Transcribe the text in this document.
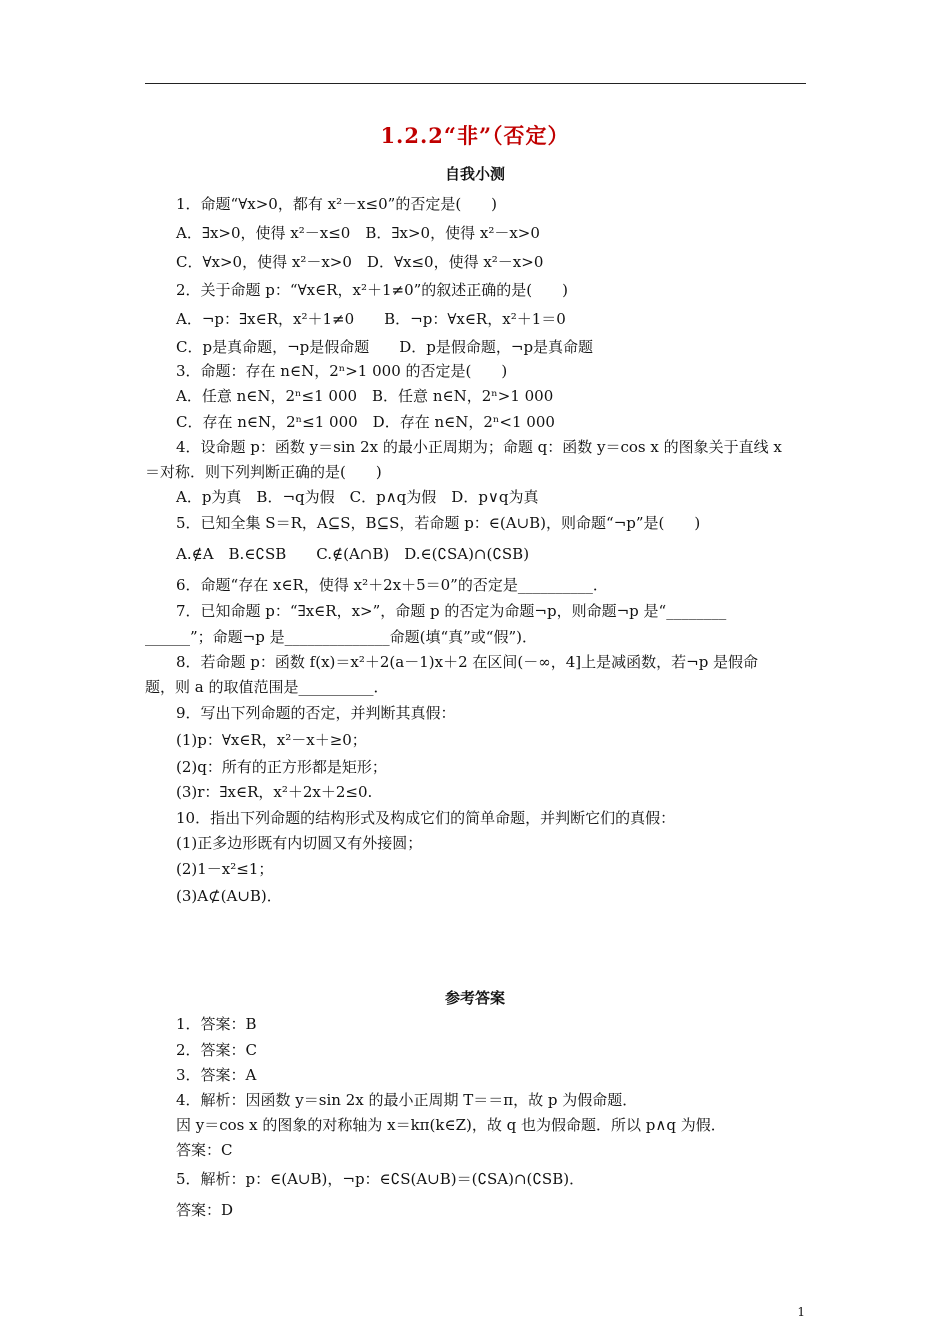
1.2.2“非”（否定）
自我小测
1．命题“∀x>0，都有 x²－x≤0”的否定是(　　)
A．∃x>0，使得 x²－x≤0　B．∃x>0，使得 x²－x>0
C．∀x>0，使得 x²－x>0　D．∀x≤0，使得 x²－x>0
2．关于命题 p：“∀x∈R，x²＋1≠0”的叙述正确的是(　　)
A．¬p：∃x∈R，x²＋1≠0　　B．¬p：∀x∈R，x²＋1＝0
C．p是真命题，¬p是假命题　　D．p是假命题，¬p是真命题
3．命题：存在 n∈N，2ⁿ>1 000 的否定是(　　)
A．任意 n∈N，2ⁿ≤1 000　B．任意 n∈N，2ⁿ>1 000
C．存在 n∈N，2ⁿ≤1 000　D．存在 n∈N，2ⁿ<1 000
4．设命题 p：函数 y＝sin 2x 的最小正周期为；命题 q：函数 y＝cos x 的图象关于直线 x
＝对称．则下列判断正确的是(　　)
A．p为真　B．¬q为假　C．p∧q为假　D．p∨q为真
5．已知全集 S＝R，A⊆S，B⊆S，若命题 p：∈(A∪B)，则命题“¬p”是(　　)
A.∉A　B.∈∁SB　　C.∉(A∩B)　D.∈(∁SA)∩(∁SB)
6．命题“存在 x∈R，使得 x²＋2x＋5＝0”的否定是__________．
7．已知命题 p：“∃x∈R，x>”，命题 p 的否定为命题¬p，则命题¬p 是“________
______”；命题¬p 是______________命题(填“真”或“假”)．
8．若命题 p：函数 f(x)＝x²＋2(a－1)x＋2 在区间(－∞，4]上是减函数，若¬p 是假命
题，则 a 的取值范围是__________．
9．写出下列命题的否定，并判断其真假：
(1)p：∀x∈R，x²－x＋≥0；
(2)q：所有的正方形都是矩形；
(3)r：∃x∈R，x²＋2x＋2≤0.
10．指出下列命题的结构形式及构成它们的简单命题，并判断它们的真假：
(1)正多边形既有内切圆又有外接圆；
(2)1－x²≤1；
(3)A⊄(A∪B)．
参考答案
1．答案：B
2．答案：C
3．答案：A
4．解析：因函数 y＝sin 2x 的最小正周期 T＝＝π，故 p 为假命题．
因 y＝cos x 的图象的对称轴为 x＝kπ(k∈Z)，故 q 也为假命题．所以 p∧q 为假．
答案：C
5．解析：p：∈(A∪B)，¬p：∈∁S(A∪B)＝(∁SA)∩(∁SB)．
答案：D
1
